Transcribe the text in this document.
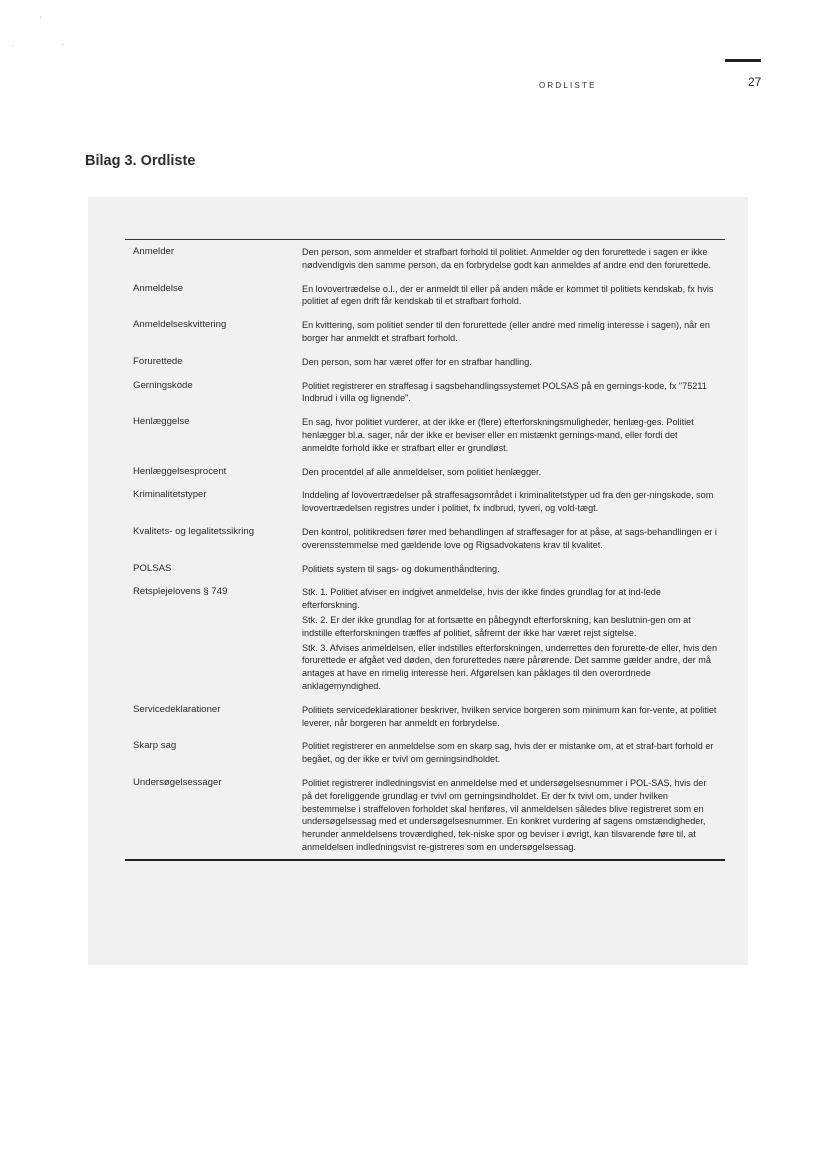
'
.	-
ORDLISTE	27
Bilag 3. Ordliste
Anmelder	Den person, som anmelder et strafbart forhold til politiet. Anmelder og den forurettede i sagen er ikke nødvendigvis den samme person, da en forbrydelse godt kan anmeldes af andre end den forurettede.

Anmeldelse	En lovovertrædelse o.l., der er anmeldt til eller på anden måde er kommet til politiets kendskab, fx hvis politiet af egen drift får kendskab til et strafbart forhold.

Anmeldelseskvittering	En kvittering, som politiet sender til den forurettede (eller andre med rimelig interesse i sagen), når en borger har anmeldt et strafbart forhold.

Forurettede	Den person, som har været offer for en strafbar handling.

Gerningskode	Politiet registrerer en straffesag i sagsbehandlingssystemet POLSAS på en gernings-kode, fx "75211 Indbrud i villa og lignende".

Henlæggelse	En sag, hvor politiet vurderer, at der ikke er (flere) efterforskningsmuligheder, henlæg-ges. Politiet henlægger bl.a. sager, når der ikke er beviser eller en mistænkt gernings-mand, eller fordi det anmeldte forhold ikke er strafbart eller er grundløst.

Henlæggelsesprocent	Den procentdel af alle anmeldelser, som politiet henlægger.

Kriminalitetstyper	Inddeling af lovovertrædelser på straffesagsområdet i kriminalitetstyper ud fra den ger-ningskode, som lovovertrædelsen registres under i politiet, fx indbrud, tyveri, og vold-tægt.

Kvalitets- og legalitetssikring	Den kontrol, politikredsen fører med behandlingen af straffesager for at påse, at sags-behandlingen er i overensstemmelse med gældende love og Rigsadvokatens krav til kvalitet.

POLSAS	Politiets system til sags- og dokumenthåndtering.

Retsplejelovens § 749	Stk. 1. Politiet afviser en indgivet anmeldelse, hvis der ikke findes grundlag for at ind-lede efterforskning.

Stk. 2. Er der ikke grundlag for at fortsætte en påbegyndt efterforskning, kan beslutnin-gen om at indstille efterforskningen træffes af politiet, såfremt der ikke har været rejst sigtelse.

Stk. 3. Afvises anmeldelsen, eller indstilles efterforskningen, underrettes den forurette-de eller, hvis den forurettede er afgået ved døden, den forurettedes nære pårørende. Det samme gælder andre, der må antages at have en rimelig interesse heri. Afgørelsen kan påklages til den overordnede anklagemyndighed.

Servicedeklarationer	Politiets servicedeklarationer beskriver, hvilken service borgeren som minimum kan for-vente, at politiet leverer, når borgeren har anmeldt en forbrydelse.

Skarp sag	Politiet registrerer en anmeldelse som en skarp sag, hvis der er mistanke om, at et straf-bart forhold er begået, og der ikke er tvivl om gerningsindholdet.

Undersøgelsessager	Politiet registrerer indledningsvist en anmeldelse med et undersøgelsesnummer i POL-SAS, hvis der på det foreliggende grundlag er tvivl om gerningsindholdet. Er der fx tvivl om, under hvilken bestemmelse i straffeloven forholdet skal henføres, vil anmeldelsen således blive registreret som en undersøgelsessag med et undersøgelsesnummer. En konkret vurdering af sagens omstændigheder, herunder anmeldelsens troværdighed, tek-niske spor og beviser i øvrigt, kan tilsvarende føre til, at anmeldelsen indledningsvist re-gistreres som en undersøgelsessag.
